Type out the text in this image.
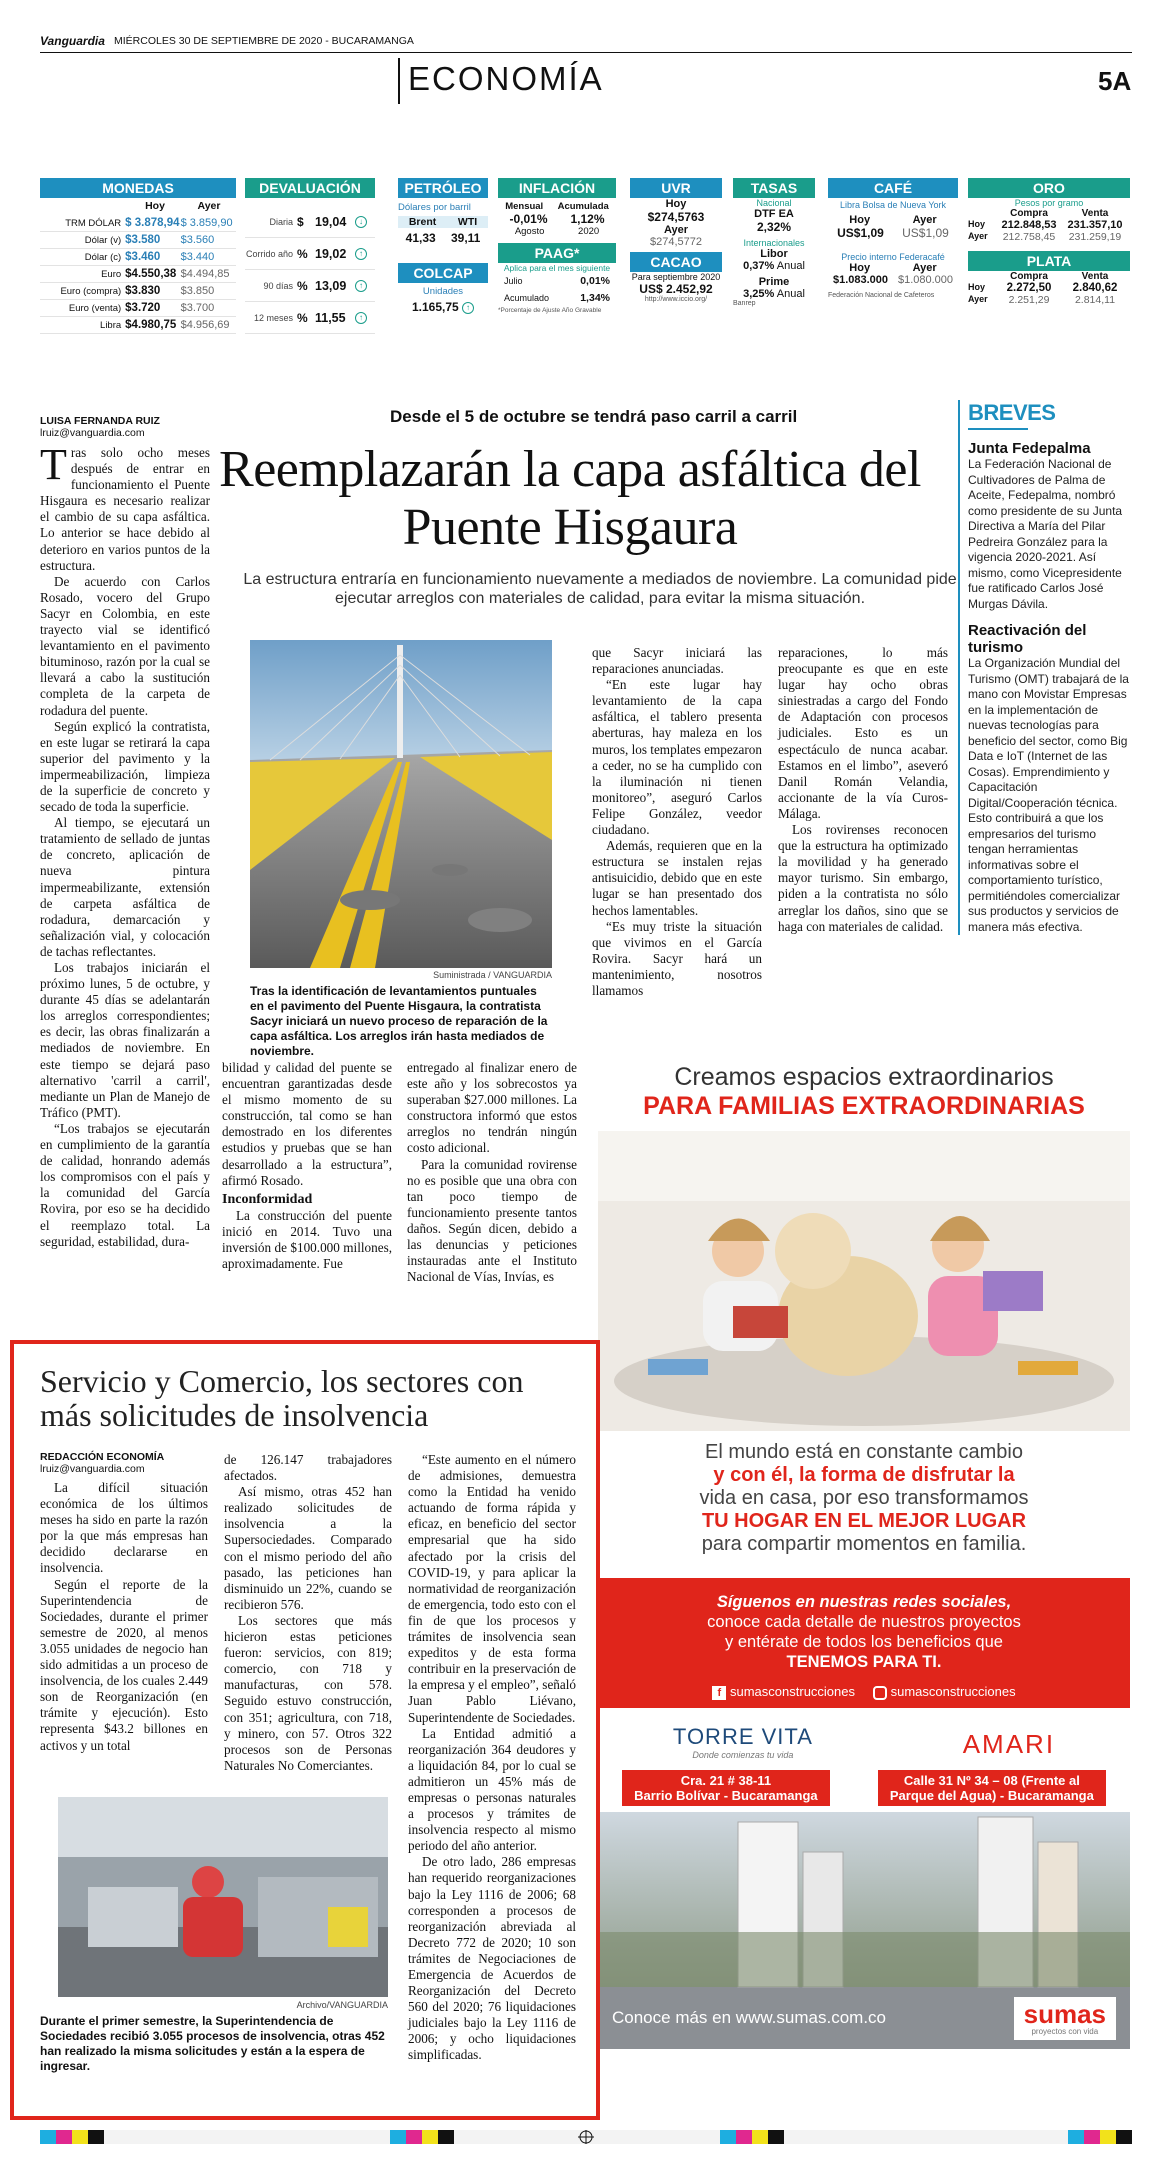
Vanguardia MIÉRCOLES 30 DE SEPTIEMBRE DE 2020 - BUCARAMANGA
ECONOMÍA	5A
MONEDAS
Hoy	Ayer
TRM DÓLAR $ 3.878,94 $ 3.859,90
Dólar (v) $3.580	$3.560
Dólar (c) $3.460	$3.440
Euro $4.550,38 $4.494,85
Euro (compra) $3.830	$3.850
Euro (venta) $3.720	$3.700
Libra $4.980,75 $4.956,69
DEVALUACIÓN
Diaria $ 19,04	↓
Corrido año % 19,02	↑
90 días % 13,09	↑
12 meses % 11,55	↑
PETRÓLEO
Dólares por barril
Brent WTI
41,33 39,11
COLCAP
Unidades
1.165,75 ↑
INFLACIÓN
Mensual Acumulada
-0,01% 1,12%
Agosto	2020
PAAG*
Aplica para el mes siguiente
Julio	0,01%
Acumulado	1,34%
*Porcentaje de Ajuste Año Gravable
UVR
Hoy
$274,5763
Ayer
$274,5772
CACAO
Para septiembre 2020
US$ 2.452,92
http://www.iccio.org/
TASAS
Nacional
DTF EA
2,32%
Internacionales
Libor
0,37% Anual
Prime
3,25% Anual
Banrep
CAFÉ
Libra Bolsa de Nueva York
Hoy	Ayer
US$1,09 US$1,09
Precio interno Federacafé
Hoy	Ayer
$1.083.000 $1.080.000
Federación Nacional de Cafeteros
ORO
Pesos por gramo
Compra	Venta
Hoy	212.848,53 231.357,10
Ayer	212.758,45	231.259,19
PLATA
Compra	Venta
Hoy	2.272,50	2.840,62
Ayer	2.251,29	2.814,11
LUISA FERNANDA RUIZ
lruiz@vanguardia.com
Desde el 5 de octubre se tendrá paso carril a carril
Reemplazarán la capa asfáltica del Puente Hisgaura
La estructura entraría en funcionamiento nuevamente a mediados de noviembre. La comunidad pide ejecutar arreglos con materiales de calidad, para evitar la misma situación.

Tras solo ocho meses después de entrar en funcionamiento el Puente Hisgaura es necesario realizar el cambio de su capa asfáltica. Lo anterior se hace debido al deterioro en varios puntos de la estructura.

De acuerdo con Carlos Rosado, vocero del Grupo Sacyr en Colombia, en este trayecto vial se identificó levantamiento en el pavimento bituminoso, razón por la cual se llevará a cabo la sustitución completa de la carpeta de rodadura del puente.

Según explicó la contratista, en este lugar se retirará la capa superior del pavimento y la impermeabilización, limpieza de la superficie de concreto y secado de toda la superficie.

Al tiempo, se ejecutará un tratamiento de sellado de juntas de concreto, aplicación de nueva pintura impermeabilizante, extensión de carpeta asfáltica de rodadura, demarcación y señalización vial, y colocación de tachas reflectantes.

Los trabajos iniciarán el próximo lunes, 5 de octubre, y durante 45 días se adelantarán los arreglos correspondientes; es decir, las obras finalizarán a mediados de noviembre. En este tiempo se dejará paso alternativo 'carril a carril', mediante un Plan de Manejo de Tráfico (PMT).

“Los trabajos se ejecutarán en cumplimiento de la garantía de calidad, honrando además los compromisos con el país y la comunidad del García Rovira, por eso se ha decidido el reemplazo total. La seguridad, estabilidad, dura-

Suministrada / VANGUARDIA
Tras la identificación de levantamientos puntuales en el pavimento del Puente Hisgaura, la contratista Sacyr iniciará un nuevo proceso de reparación de la capa asfáltica. Los arreglos irán hasta mediados de noviembre.

que Sacyr iniciará las reparaciones anunciadas.

“En este lugar hay levantamiento de la capa asfáltica, el tablero presenta aberturas, hay maleza en los muros, los templates empezaron a ceder, no se ha cumplido con la iluminación ni tienen monitoreo”, aseguró Carlos Felipe González, veedor ciudadano.

Además, requieren que en la estructura se instalen rejas antisuicidio, debido que en este lugar se han presentado dos hechos lamentables.

“Es muy triste la situación que vivimos en el García Rovira. Sacyr hará un mantenimiento, nosotros llamamos

reparaciones, lo más preocupante es que en este lugar hay ocho obras siniestradas a cargo del Fondo de Adaptación con procesos judiciales. Esto es un espectáculo de nunca acabar. Estamos en el limbo”, aseveró Danil Román Velandia, accionante de la vía Curos-Málaga.

Los rovirenses reconocen que la estructura ha optimizado la movilidad y ha generado mayor turismo. Sin embargo, piden a la contratista no sólo arreglar los daños, sino que se haga con materiales de calidad.

bilidad y calidad del puente se encuentran garantizadas desde el mismo momento de su construcción, tal como se han demostrado en los diferentes estudios y pruebas que se han desarrollado a la estructura”, afirmó Rosado.

Inconformidad

La construcción del puente inició en 2014. Tuvo una inversión de $100.000 millones, aproximadamente. Fue

entregado al finalizar enero de este año y los sobrecostos ya superaban $27.000 millones. La constructora informó que estos arreglos no tendrán ningún costo adicional.

Para la comunidad rovirense no es posible que una obra con tan poco tiempo de funcionamiento presente tantos daños. Según dicen, debido a las denuncias y peticiones instauradas ante el Instituto Nacional de Vías, Invías, es

BREVES
Junta Fedepalma

La Federación Nacional de Cultivadores de Palma de Aceite, Fedepalma, nombró como presidente de su Junta Directiva a María del Pilar Pedreira González para la vigencia 2020-2021. Así mismo, como Vicepresidente fue ratificado Carlos José Murgas Dávila.

Reactivación del turismo

La Organización Mundial del Turismo (OMT) trabajará de la mano con Movistar Empresas en la implementación de nuevas tecnologías para beneficio del sector, como Big Data e IoT (Internet de las Cosas). Emprendimiento y Capacitación Digital/Cooperación técnica. Esto contribuirá a que los empresarios del turismo tengan herramientas informativas sobre el comportamiento turístico, permitiéndoles comercializar sus productos y servicios de manera más efectiva.

Creamos espacios extraordinarios
PARA FAMILIAS EXTRAORDINARIAS
El mundo está en constante cambio
y con él, la forma de disfrutar la
vida en casa, por eso transformamos
TU HOGAR EN EL MEJOR LUGAR
para compartir momentos en familia.
Síguenos en nuestras redes sociales,
conoce cada detalle de nuestros proyectos
y entérate de todos los beneficios que
TENEMOS PARA TI.
f sumasconstrucciones	sumasconstrucciones
TORRE VITA
Donde comienzas tu vida	AMARI
Cra. 21 # 38-11
Barrio Bolívar - Bucaramanga
Calle 31 Nº 34 – 08 (Frente al
Parque del Agua) - Bucaramanga
Conoce más en www.sumas.com.co	sumas
proyectos con vida
Servicio y Comercio, los sectores con más solicitudes de insolvencia
REDACCIÓN ECONOMÍA
lruiz@vanguardia.com

La difícil situación económica de los últimos meses ha sido en parte la razón por la que más empresas han decidido declararse en insolvencia.

Según el reporte de la Superintendencia de Sociedades, durante el primer semestre de 2020, al menos 3.055 unidades de negocio han sido admitidas a un proceso de insolvencia, de los cuales 2.449 son de Reorganización (en trámite y ejecución). Esto representa $43.2 billones en activos y un total

de 126.147 trabajadores afectados.

Así mismo, otras 452 han realizado solicitudes de insolvencia a la Supersociedades. Comparado con el mismo periodo del año pasado, las peticiones han disminuido un 22%, cuando se recibieron 576.

Los sectores que más hicieron estas peticiones fueron: servicios, con 819; comercio, con 718 y manufacturas, con 578. Seguido estuvo construcción, con 351; agricultura, con 718, y minero, con 57. Otros 322 procesos son de Personas Naturales No Comerciantes.

“Este aumento en el número de admisiones, demuestra como la Entidad ha venido actuando de forma rápida y eficaz, en beneficio del sector empresarial que ha sido afectado por la crisis del COVID-19, y para aplicar la normatividad de reorganización de emergencia, todo esto con el fin de que los procesos y trámites de insolvencia sean expeditos y de esta forma contribuir en la preservación de la empresa y el empleo”, señaló Juan Pablo Liévano, Superintendente de Sociedades.

La Entidad admitió a reorganización 364 deudores y a liquidación 84, por lo cual se admitieron un 45% más de empresas o personas naturales a procesos y trámites de insolvencia respecto al mismo periodo del año anterior.

De otro lado, 286 empresas han requerido reorganizaciones bajo la Ley 1116 de 2006; 68 corresponden a procesos de reorganización abreviada al Decreto 772 de 2020; 10 son trámites de Negociaciones de Emergencia de Acuerdos de Reorganización del Decreto 560 del 2020; 76 liquidaciones judiciales bajo la Ley 1116 de 2006; y ocho liquidaciones simplificadas.

Archivo/VANGUARDIA
Durante el primer semestre, la Superintendencia de Sociedades recibió 3.055 procesos de insolvencia, otras 452 han realizado la misma solicitudes y están a la espera de ingresar.
